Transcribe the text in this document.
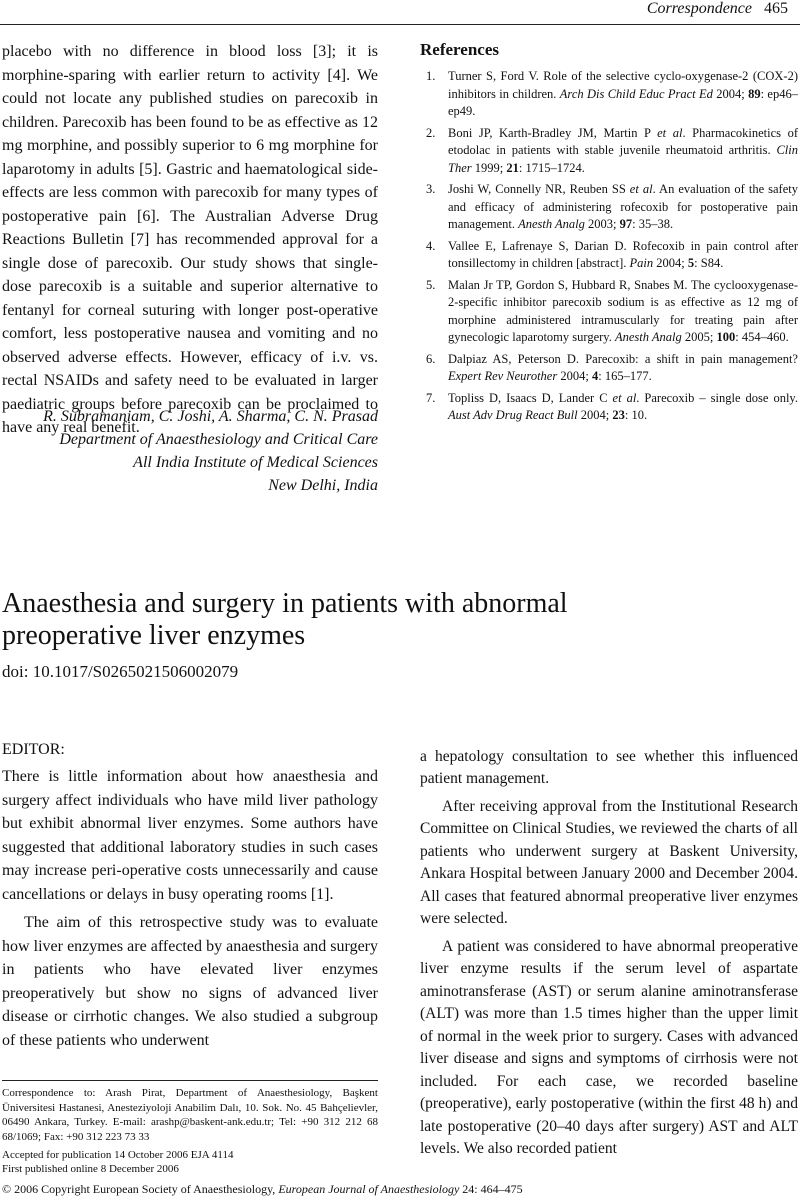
Correspondence 465

placebo with no difference in blood loss [3]; it is morphine-sparing with earlier return to activity [4]. We could not locate any published studies on parecoxib in children. Parecoxib has been found to be as effective as 12 mg morphine, and possibly superior to 6 mg morphine for laparotomy in adults [5]. Gastric and haematological side-effects are less common with parecoxib for many types of postoperative pain [6]. The Australian Adverse Drug Reactions Bulletin [7] has recommended approval for a single dose of parecoxib. Our study shows that single-dose parecoxib is a suitable and superior alternative to fentanyl for corneal suturing with longer post-operative comfort, less postoperative nausea and vomiting and no observed adverse effects. However, efficacy of i.v. vs. rectal NSAIDs and safety need to be evaluated in larger paediatric groups before parecoxib can be proclaimed to have any real benefit.

R. Subramaniam, C. Joshi, A. Sharma, C. N. Prasad
Department of Anaesthesiology and Critical Care
All India Institute of Medical Sciences
New Delhi, India
References
1. Turner S, Ford V. Role of the selective cyclo-oxygenase-2 (COX-2) inhibitors in children. Arch Dis Child Educ Pract Ed 2004; 89: ep46–ep49.
2. Boni JP, Karth-Bradley JM, Martin P et al. Pharmacokinetics of etodolac in patients with stable juvenile rheumatoid arthritis. Clin Ther 1999; 21: 1715–1724.
3. Joshi W, Connelly NR, Reuben SS et al. An evaluation of the safety and efficacy of administering rofecoxib for postoperative pain management. Anesth Analg 2003; 97: 35–38.
4. Vallee E, Lafrenaye S, Darian D. Rofecoxib in pain control after tonsillectomy in children [abstract]. Pain 2004; 5: S84.
5. Malan Jr TP, Gordon S, Hubbard R, Snabes M. The cyclooxygenase-2-specific inhibitor parecoxib sodium is as effective as 12 mg of morphine administered intramuscularly for treating pain after gynecologic laparotomy surgery. Anesth Analg 2005; 100: 454–460.
6. Dalpiaz AS, Peterson D. Parecoxib: a shift in pain management? Expert Rev Neurother 2004; 4: 165–177.
7. Topliss D, Isaacs D, Lander C et al. Parecoxib – single dose only. Aust Adv Drug React Bull 2004; 23: 10.
Anaesthesia and surgery in patients with abnormal
preoperative liver enzymes
doi: 10.1017/S0265021506002079
EDITOR:

There is little information about how anaesthesia and surgery affect individuals who have mild liver pathology but exhibit abnormal liver enzymes. Some authors have suggested that additional laboratory studies in such cases may increase peri-operative costs unnecessarily and cause cancellations or delays in busy operating rooms [1].

The aim of this retrospective study was to evaluate how liver enzymes are affected by anaesthesia and surgery in patients who have elevated liver enzymes preoperatively but show no signs of advanced liver disease or cirrhotic changes. We also studied a subgroup of these patients who underwent

a hepatology consultation to see whether this influenced patient management.

After receiving approval from the Institutional Research Committee on Clinical Studies, we reviewed the charts of all patients who underwent surgery at Baskent University, Ankara Hospital between January 2000 and December 2004. All cases that featured abnormal preoperative liver enzymes were selected.

A patient was considered to have abnormal preoperative liver enzyme results if the serum level of aspartate aminotransferase (AST) or serum alanine aminotransferase (ALT) was more than 1.5 times higher than the upper limit of normal in the week prior to surgery. Cases with advanced liver disease and signs and symptoms of cirrhosis were not included. For each case, we recorded baseline (preoperative), early postoperative (within the first 48 h) and late postoperative (20–40 days after surgery) AST and ALT levels. We also recorded patient

Correspondence to: Arash Pirat, Department of Anaesthesiology, Başkent Üniversitesi Hastanesi, Anesteziyoloji Anabilim Dalı, 10. Sok. No. 45 Bahçelievler, 06490 Ankara, Turkey. E-mail: arashp@baskent-ank.edu.tr; Tel: +90 312 212 68 68/1069; Fax: +90 312 223 73 33
Accepted for publication 14 October 2006 EJA 4114
First published online 8 December 2006
© 2006 Copyright European Society of Anaesthesiology, European Journal of Anaesthesiology 24: 464–475
